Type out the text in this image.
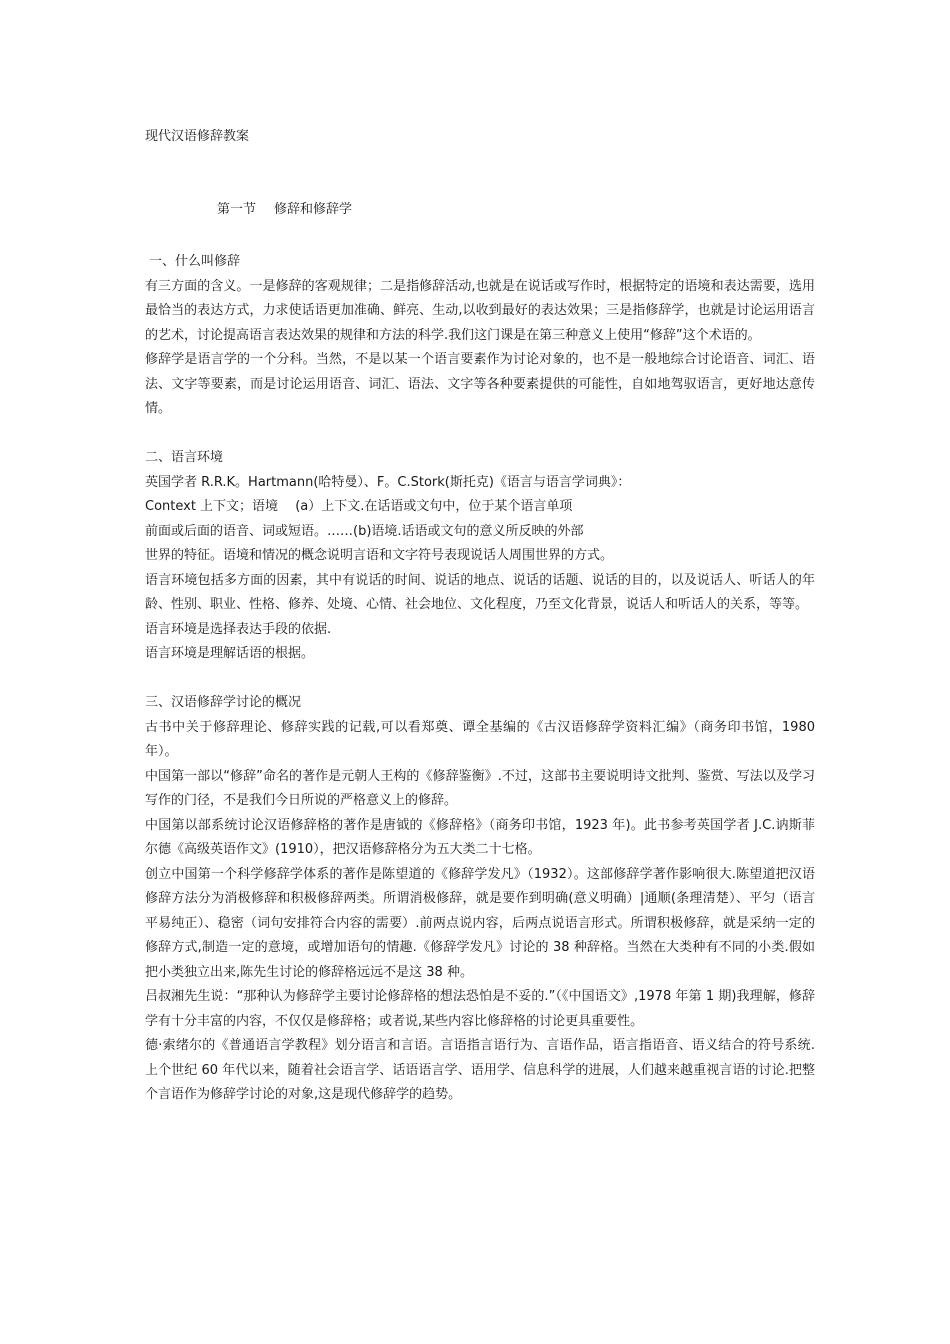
现代汉语修辞教案
第一节 修辞和修辞学

一、什么叫修辞

有三方面的含义。一是修辞的客观规律；二是指修辞活动,也就是在说话或写作时，根据特定的语境和表达需要，选用最恰当的表达方式，力求使话语更加准确、鲜亮、生动,以收到最好的表达效果；三是指修辞学，也就是讨论运用语言的艺术，讨论提高语言表达效果的规律和方法的科学.我们这门课是在第三种意义上使用“修辞”这个术语的。

修辞学是语言学的一个分科。当然，不是以某一个语言要素作为讨论对象的，也不是一般地综合讨论语音、词汇、语法、文字等要素，而是讨论运用语音、词汇、语法、文字等各种要素提供的可能性，自如地驾驭语言，更好地达意传情。

二、语言环境

英国学者 R.R.K。Hartmann(哈特曼）、F。C.Stork(斯托克)《语言与语言学词典》：

Context 上下文；语境　 (a）上下文.在话语或文句中，位于某个语言单项

前面或后面的语音、词或短语。……(b)语境.话语或文句的意义所反映的外部

世界的特征。语境和情况的概念说明言语和文字符号表现说话人周围世界的方式。

语言环境包括多方面的因素，其中有说话的时间、说话的地点、说话的话题、说话的目的，以及说话人、听话人的年龄、性别、职业、性格、修养、处境、心情、社会地位、文化程度，乃至文化背景，说话人和听话人的关系，等等。

语言环境是选择表达手段的依据.

语言环境是理解话语的根据。

三、汉语修辞学讨论的概况

古书中关于修辞理论、修辞实践的记载,可以看郑奠、谭全基编的《古汉语修辞学资料汇编》（商务印书馆，1980 年）。

中国第一部以“修辞”命名的著作是元朝人王构的《修辞鉴衡》.不过，这部书主要说明诗文批判、鉴赏、写法以及学习写作的门径，不是我们今日所说的严格意义上的修辞。

中国第以部系统讨论汉语修辞格的著作是唐钺的《修辞格》（商务印书馆，1923 年)。此书参考英国学者 J.C.讷斯菲尔德《高级英语作文》(1910），把汉语修辞格分为五大类二十七格。

创立中国第一个科学修辞学体系的著作是陈望道的《修辞学发凡》（1932）。这部修辞学著作影响很大.陈望道把汉语修辞方法分为消极修辞和积极修辞两类。所谓消极修辞，就是要作到明确(意义明确）|通顺(条理清楚）、平匀（语言平易纯正）、稳密（词句安排符合内容的需要）.前两点说内容，后两点说语言形式。所谓积极修辞，就是采纳一定的修辞方式,制造一定的意境，或增加语句的情趣.《修辞学发凡》讨论的 38 种辞格。当然在大类种有不同的小类.假如把小类独立出来,陈先生讨论的修辞格远远不是这 38 种。

吕叔湘先生说：“那种认为修辞学主要讨论修辞格的想法恐怕是不妥的.”（《中国语文》,1978 年第 1 期)我理解，修辞学有十分丰富的内容，不仅仅是修辞格；或者说,某些内容比修辞格的讨论更具重要性。

德·索绪尔的《普通语言学教程》划分语言和言语。言语指言语行为、言语作品，语言指语音、语义结合的符号系统.上个世纪 60 年代以来，随着社会语言学、话语语言学、语用学、信息科学的进展，人们越来越重视言语的讨论.把整个言语作为修辞学讨论的对象,这是现代修辞学的趋势。
